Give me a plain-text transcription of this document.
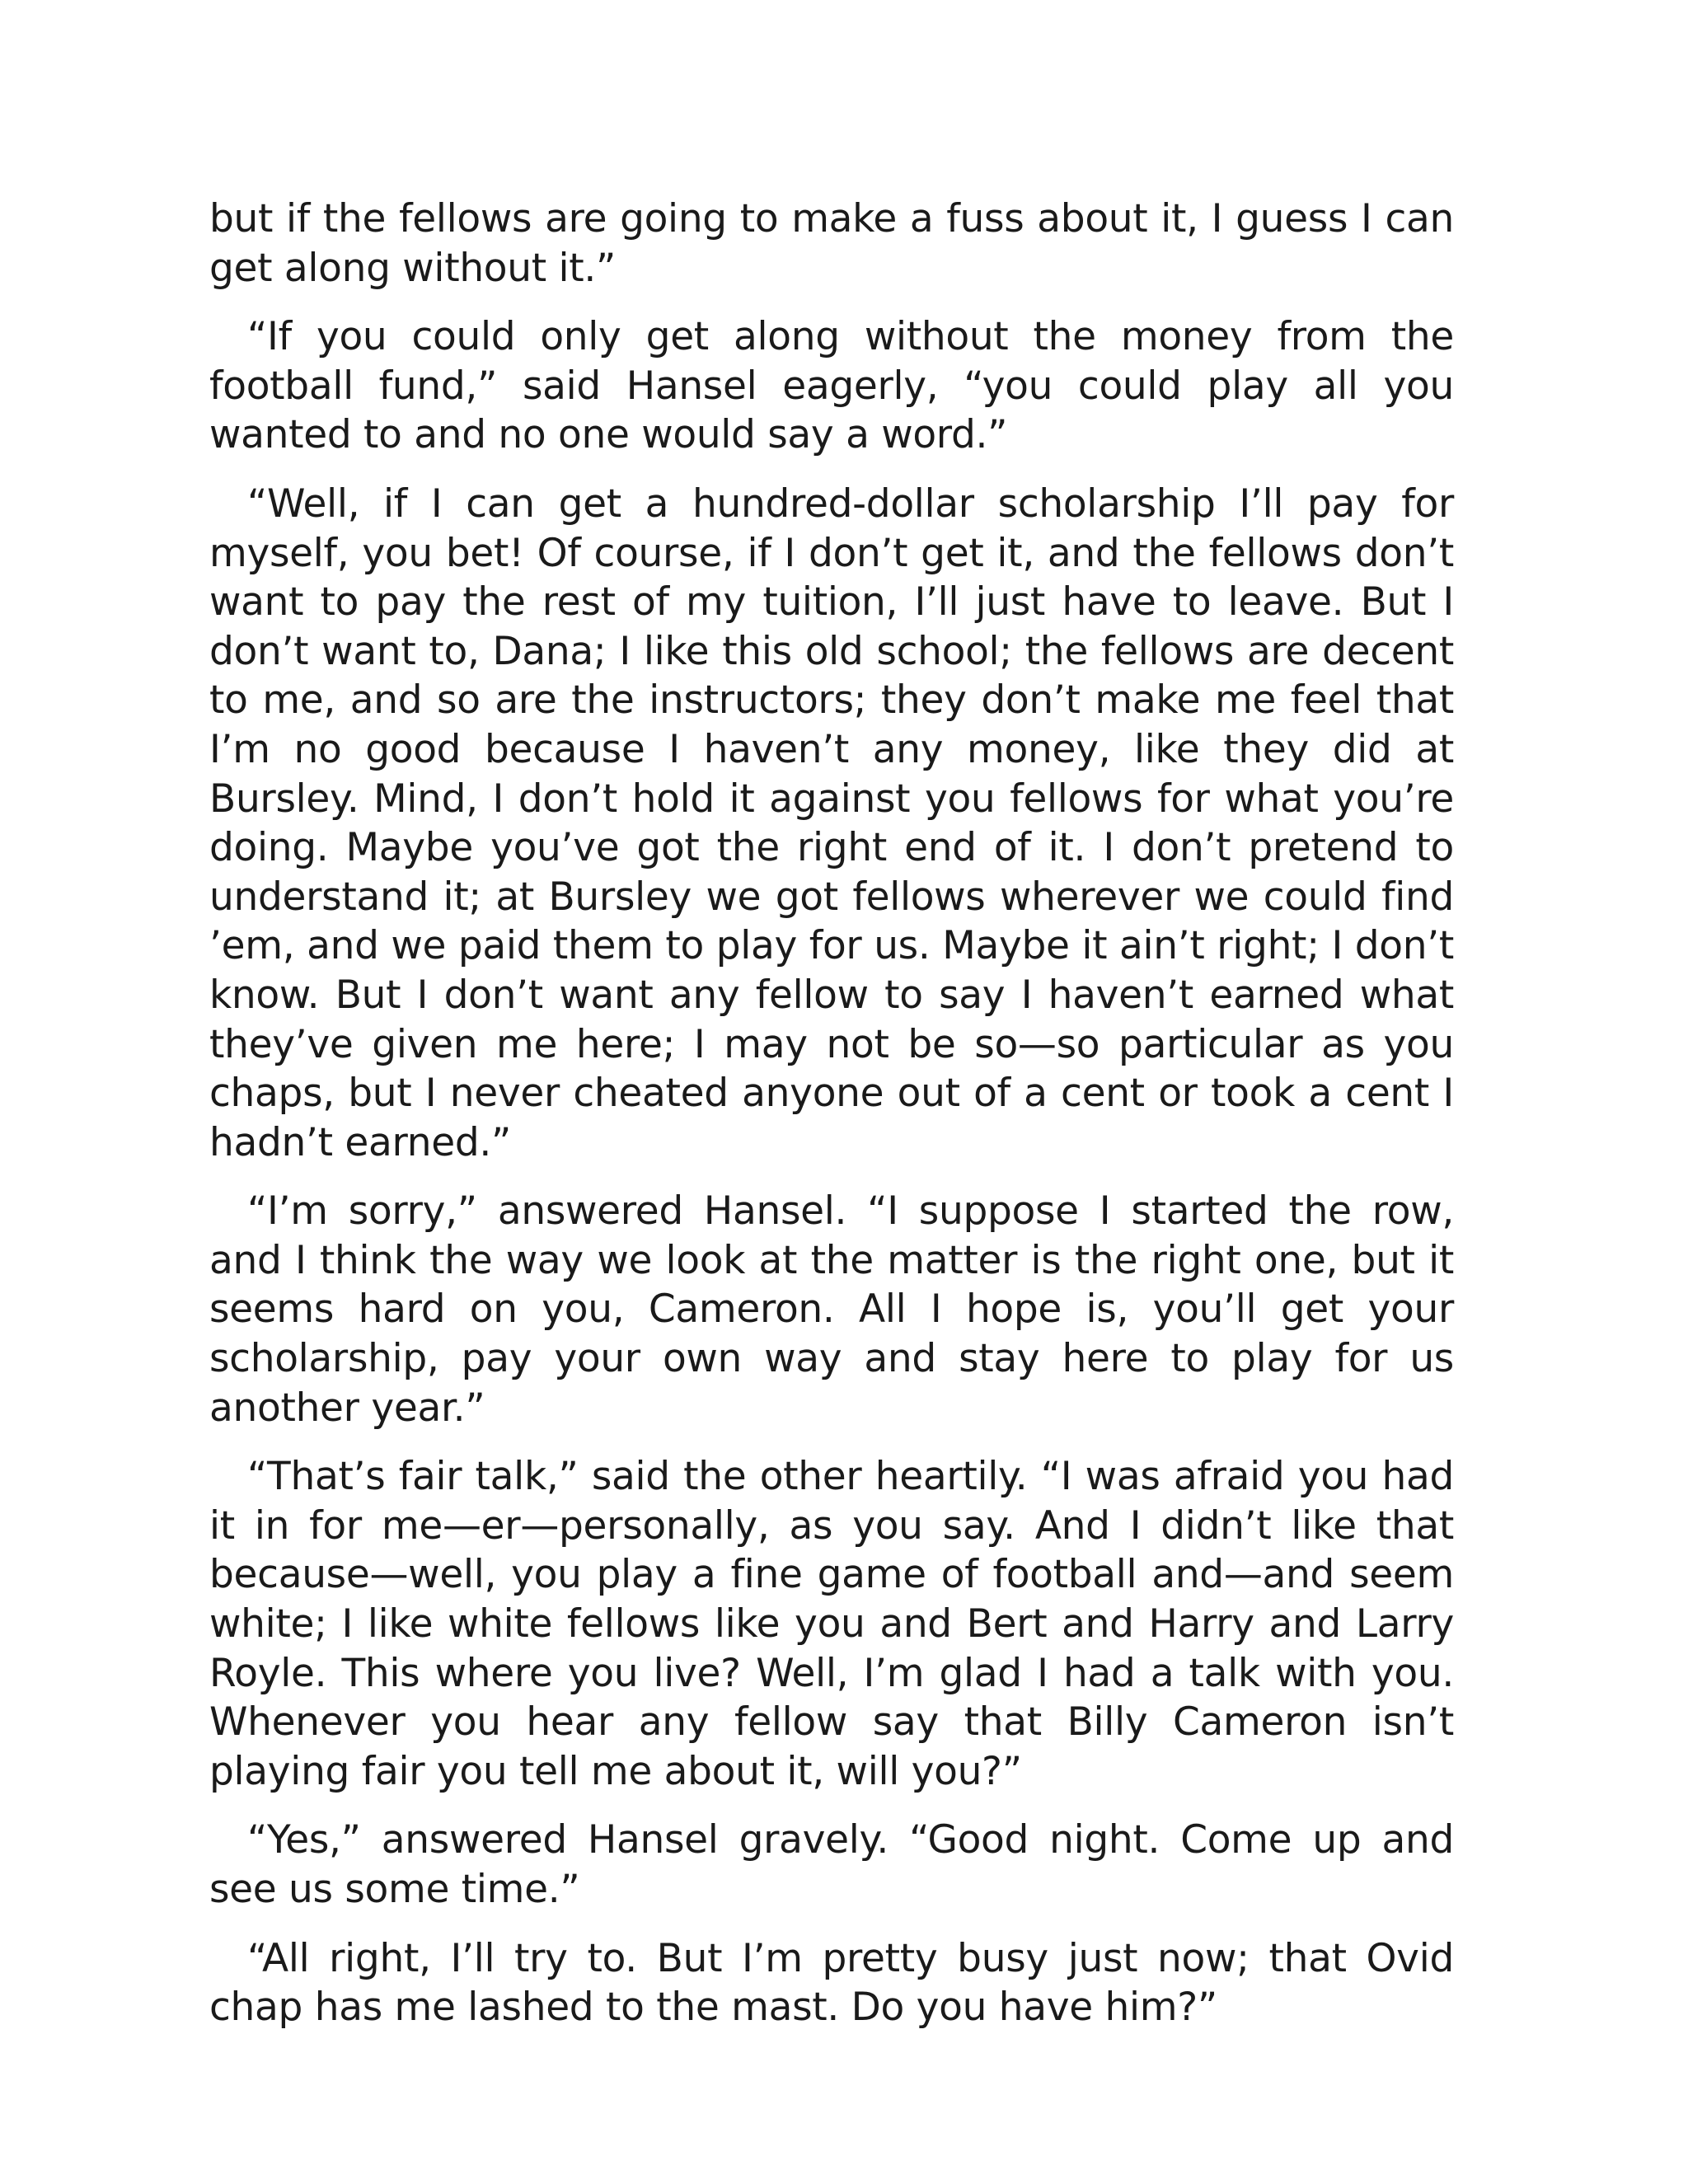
but if the fellows are going to make a fuss about it, I guess I can get along without it.”

“If you could only get along without the money from the football fund,” said Hansel eagerly, “you could play all you wanted to and no one would say a word.”

“Well, if I can get a hundred-dollar scholarship I’ll pay for myself, you bet! Of course, if I don’t get it, and the fellows don’t want to pay the rest of my tuition, I’ll just have to leave. But I don’t want to, Dana; I like this old school; the fellows are decent to me, and so are the instructors; they don’t make me feel that I’m no good because I haven’t any money, like they did at Bursley. Mind, I don’t hold it against you fellows for what you’re doing. Maybe you’ve got the right end of it. I don’t pretend to understand it; at Bursley we got fellows wherever we could find ’em, and we paid them to play for us. Maybe it ain’t right; I don’t know. But I don’t want any fellow to say I haven’t earned what they’ve given me here; I may not be so—so particular as you chaps, but I never cheated anyone out of a cent or took a cent I hadn’t earned.”

“I’m sorry,” answered Hansel. “I suppose I started the row, and I think the way we look at the matter is the right one, but it seems hard on you, Cameron. All I hope is, you’ll get your scholarship, pay your own way and stay here to play for us another year.”

“That’s fair talk,” said the other heartily. “I was afraid you had it in for me—er—personally, as you say. And I didn’t like that because—well, you play a fine game of football and—and seem white; I like white fellows like you and Bert and Harry and Larry Royle. This where you live? Well, I’m glad I had a talk with you. Whenever you hear any fellow say that Billy Cameron isn’t playing fair you tell me about it, will you?”

“Yes,” answered Hansel gravely. “Good night. Come up and see us some time.”

“All right, I’ll try to. But I’m pretty busy just now; that Ovid chap has me lashed to the mast. Do you have him?”
